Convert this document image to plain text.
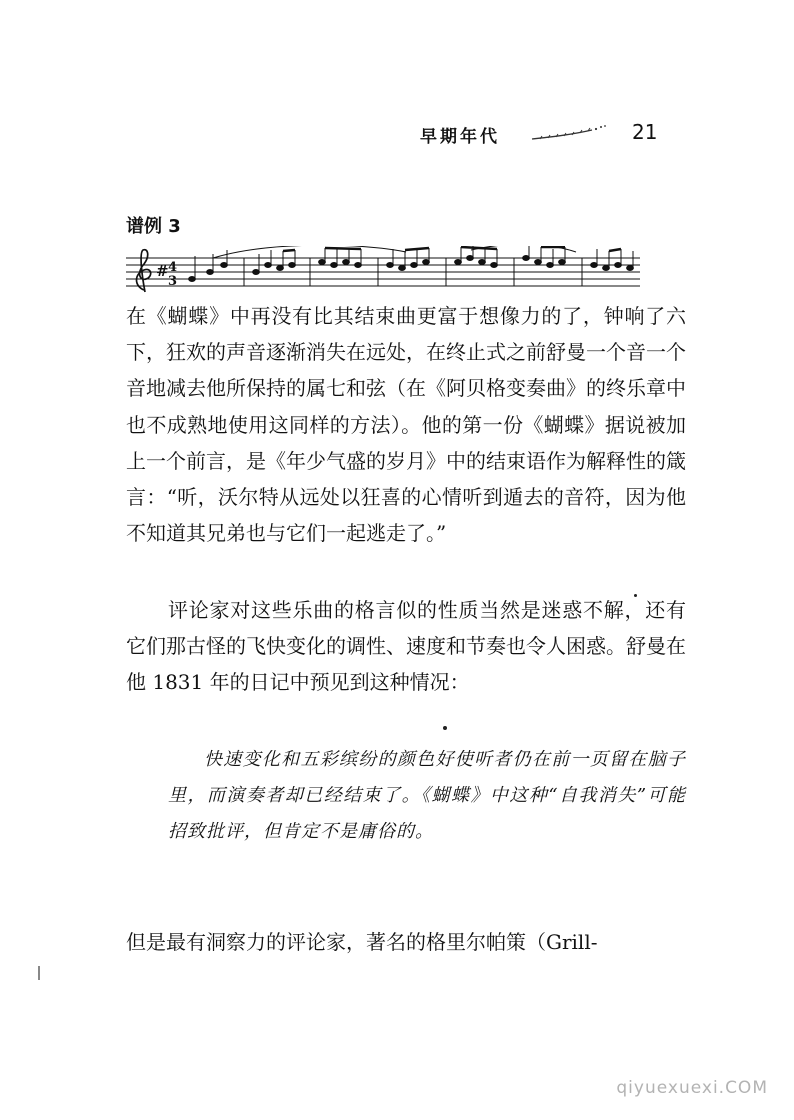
早期年代	21
谱例 3
#
3
4
在《蝴蝶》中再没有比其结束曲更富于想像力的了，钟响了六下，狂欢的声音逐渐消失在远处，在终止式之前舒曼一个音一个音地减去他所保持的属七和弦（在《阿贝格变奏曲》的终乐章中也不成熟地使用这同样的方法）。他的第一份《蝴蝶》据说被加上一个前言，是《年少气盛的岁月》中的结束语作为解释性的箴言：“听，沃尔特从远处以狂喜的心情听到遁去的音符，因为他不知道其兄弟也与它们一起逃走了。”
评论家对这些乐曲的格言似的性质当然是迷惑不解，还有它们那古怪的飞快变化的调性、速度和节奏也令人困惑。舒曼在他 1831 年的日记中预见到这种情况：
快速变化和五彩缤纷的颜色好使听者仍在前一页留在脑子里，而演奏者却已经结束了。《蝴蝶》中这种“自我消失”可能招致批评，但肯定不是庸俗的。
但是最有洞察力的评论家，著名的格里尔帕策（Grill-
qiyuexuexi.COM
